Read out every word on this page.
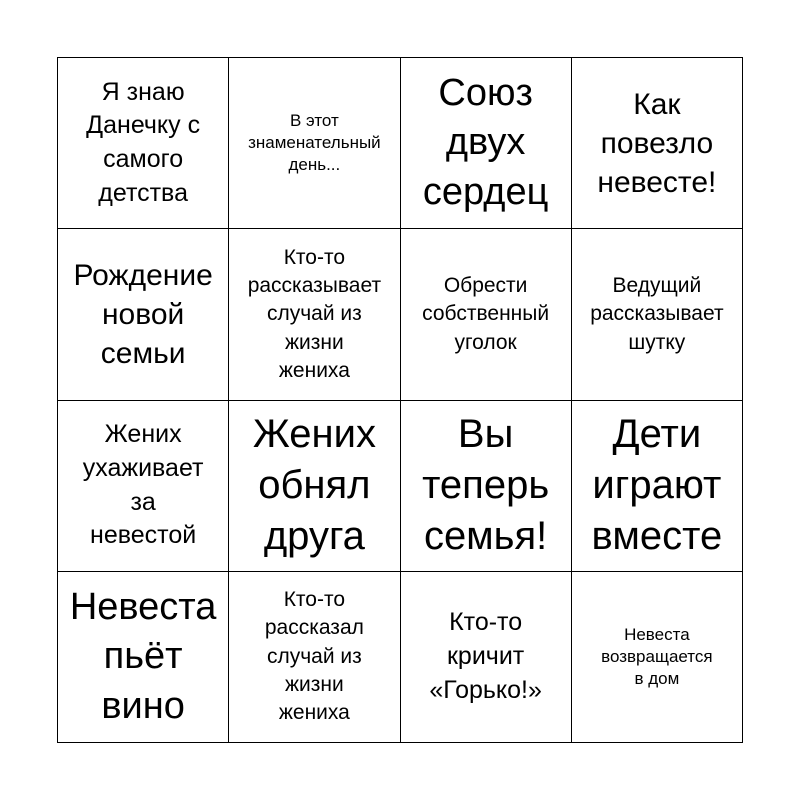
Я знаю
Данечку с
самого
детства
В этот
знаменательный
день...
Союз
двух
сердец
Как
повезло
невесте!
Рождение
новой
семьи
Кто-то
рассказывает
случай из
жизни
жениха
Обрести
собственный
уголок
Ведущий
рассказывает
шутку
Жених
ухаживает
за
невестой
Жених
обнял
друга
Вы
теперь
семья!
Дети
играют
вместе
Невеста
пьёт
вино
Кто-то
рассказал
случай из
жизни
жениха
Кто-то
кричит
«Горько!»
Невеста
возвращается
в дом
